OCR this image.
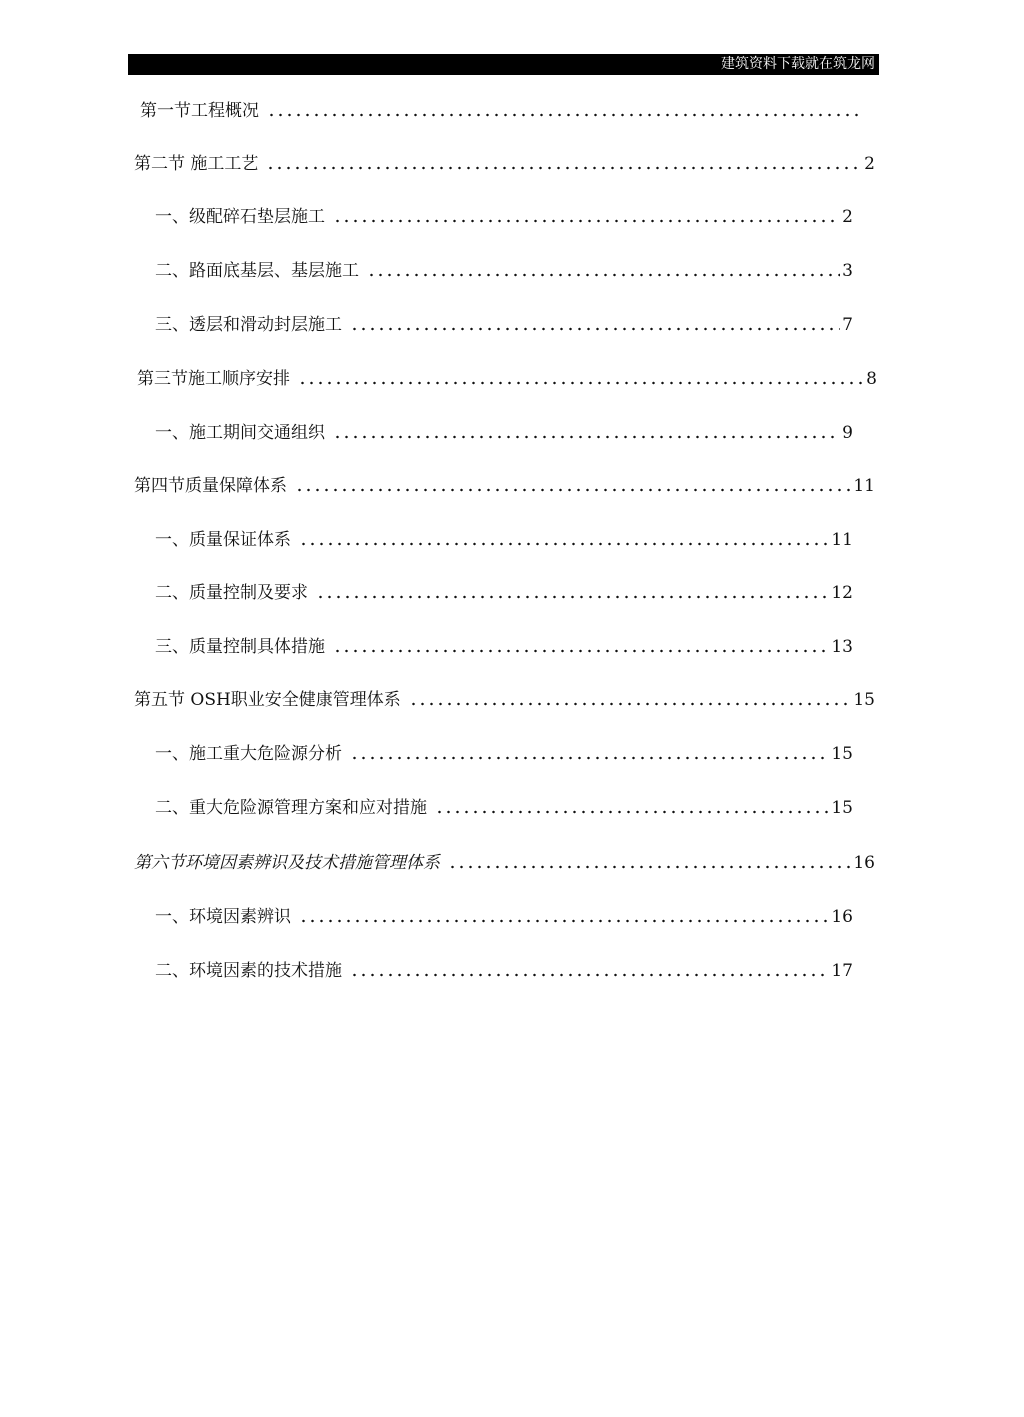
建筑资料下载就在筑龙网
第一节工程概况
第二节 施工工艺	2
一、级配碎石垫层施工	2
二、路面底基层、基层施工	3
三、透层和滑动封层施工	7
第三节施工顺序安排	8
一、施工期间交通组织	9
第四节质量保障体系	11
一、质量保证体系	11
二、质量控制及要求	12
三、质量控制具体措施	13
第五节 OSH职业安全健康管理体系	15
一、施工重大危险源分析	15
二、重大危险源管理方案和应对措施	15
第六节环境因素辨识及技术措施管理体系	16
一、环境因素辨识	16
二、环境因素的技术措施	17
